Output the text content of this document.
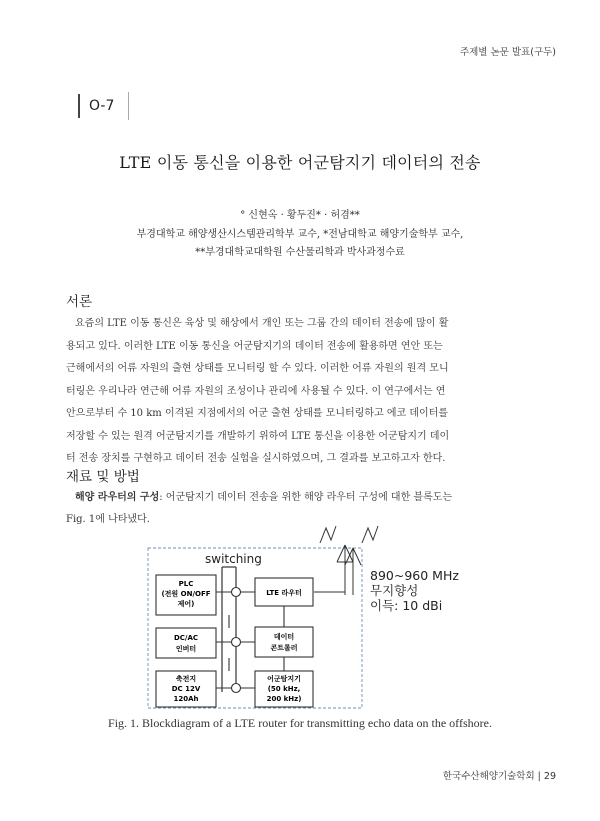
주제별 논문 발표(구두)
O-7
LTE 이동 통신을 이용한 어군탐지기 데이터의 전송
° 신현옥 · 황두진* · 허겸**
부경대학교 해양생산시스템관리학부 교수, *전남대학교 해양기술학부 교수,
**부경대학교대학원 수산물리학과 박사과정수료
서론
요즘의 LTE 이동 통신은 육상 및 해상에서 개인 또는 그룹 간의 데이터 전송에 많이 활
용되고 있다. 이러한 LTE 이동 통신을 어군탐지기의 데이터 전송에 활용하면 연안 또는
근해에서의 어류 자원의 출현 상태를 모니터링 할 수 있다. 이러한 어류 자원의 원격 모니
터링은 우리나라 연근해 어류 자원의 조성이나 관리에 사용될 수 있다. 이 연구에서는 연
안으로부터 수 10 km 이격된 지점에서의 어군 출현 상태를 모니터링하고 에코 데이터를
저장할 수 있는 원격 어군탐지기를 개발하기 위하여 LTE 통신을 이용한 어군탐지기 데이
터 전송 장치를 구현하고 데이터 전송 실험을 실시하였으며, 그 결과를 보고하고자 한다.
재료 및 방법
해양 라우터의 구성: 어군탐지기 데이터 전송을 위한 해양 라우터 구성에 대한 블록도는
Fig. 1에 나타냈다.
switching
PLC
(전원 ON/OFF
제어)
DC/AC
인버터
축전지
DC 12V
120Ah
LTE 라우터
데이터
콘트롤러
어군탐지기
(50 kHz,
200 kHz)
890~960 MHz
무지향성
이득: 10 dBi
Fig. 1. Blockdiagram of a LTE router for transmitting echo data on the offshore.
한국수산해양기술학회 | 29
